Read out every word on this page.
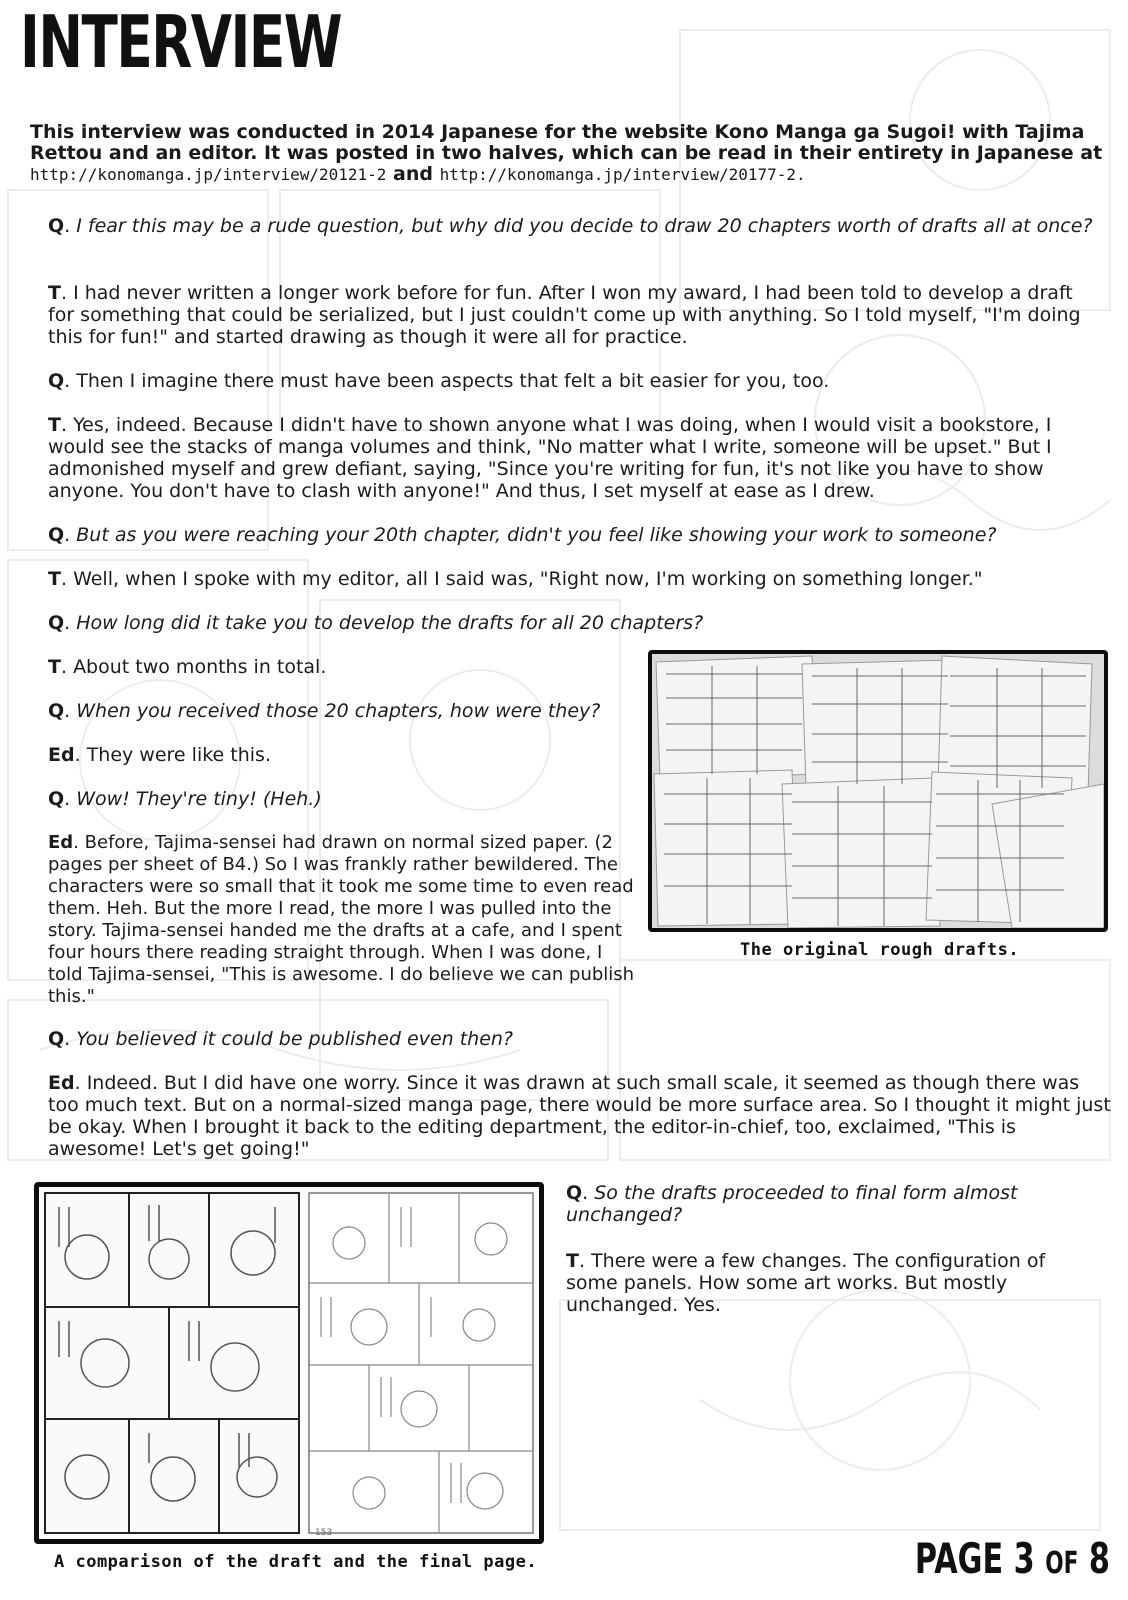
INTERVIEW
This interview was conducted in 2014 Japanese for the website Kono Manga ga Sugoi! with Tajima Rettou and an editor. It was posted in two halves, which can be read in their entirety in Japanese at http://konomanga.jp/interview/20121-2 and http://konomanga.jp/interview/20177-2.

Q. I fear this may be a rude question, but why did you decide to draw 20 chapters worth of drafts all at once?

T. I had never written a longer work before for fun. After I won my award, I had been told to develop a draft for something that could be serialized, but I just couldn't come up with anything. So I told myself, "I'm doing this for fun!" and started drawing as though it were all for practice.

Q. Then I imagine there must have been aspects that felt a bit easier for you, too.

T. Yes, indeed. Because I didn't have to shown anyone what I was doing, when I would visit a bookstore, I would see the stacks of manga volumes and think, "No matter what I write, someone will be upset." But I admonished myself and grew defiant, saying, "Since you're writing for fun, it's not like you have to show anyone. You don't have to clash with anyone!" And thus, I set myself at ease as I drew.

Q. But as you were reaching your 20th chapter, didn't you feel like showing your work to someone?

T. Well, when I spoke with my editor, all I said was, "Right now, I'm working on something longer."

Q. How long did it take you to develop the drafts for all 20 chapters?

T. About two months in total.

Q. When you received those 20 chapters, how were they?

Ed. They were like this.

Q. Wow! They're tiny! (Heh.)

Ed. Before, Tajima-sensei had drawn on normal sized paper. (2 pages per sheet of B4.) So I was frankly rather bewildered. The characters were so small that it took me some time to even read them. Heh. But the more I read, the more I was pulled into the story. Tajima-sensei handed me the drafts at a cafe, and I spent four hours there reading straight through. When I was done, I told Tajima-sensei, "This is awesome. I do believe we can publish this."

Q. You believed it could be published even then?

Ed. Indeed. But I did have one worry. Since it was drawn at such small scale, it seemed as though there was too much text. But on a normal-sized manga page, there would be more surface area. So I thought it might just be okay. When I brought it back to the editing department, the editor-in-chief, too, exclaimed, "This is awesome! Let's get going!"

Q. So the drafts proceeded to final form almost unchanged?

T. There were a few changes. The configuration of some panels. How some art works. But mostly unchanged. Yes.

The original rough drafts.
153
A comparison of the draft and the final page.	PAGE 3 OF 8
